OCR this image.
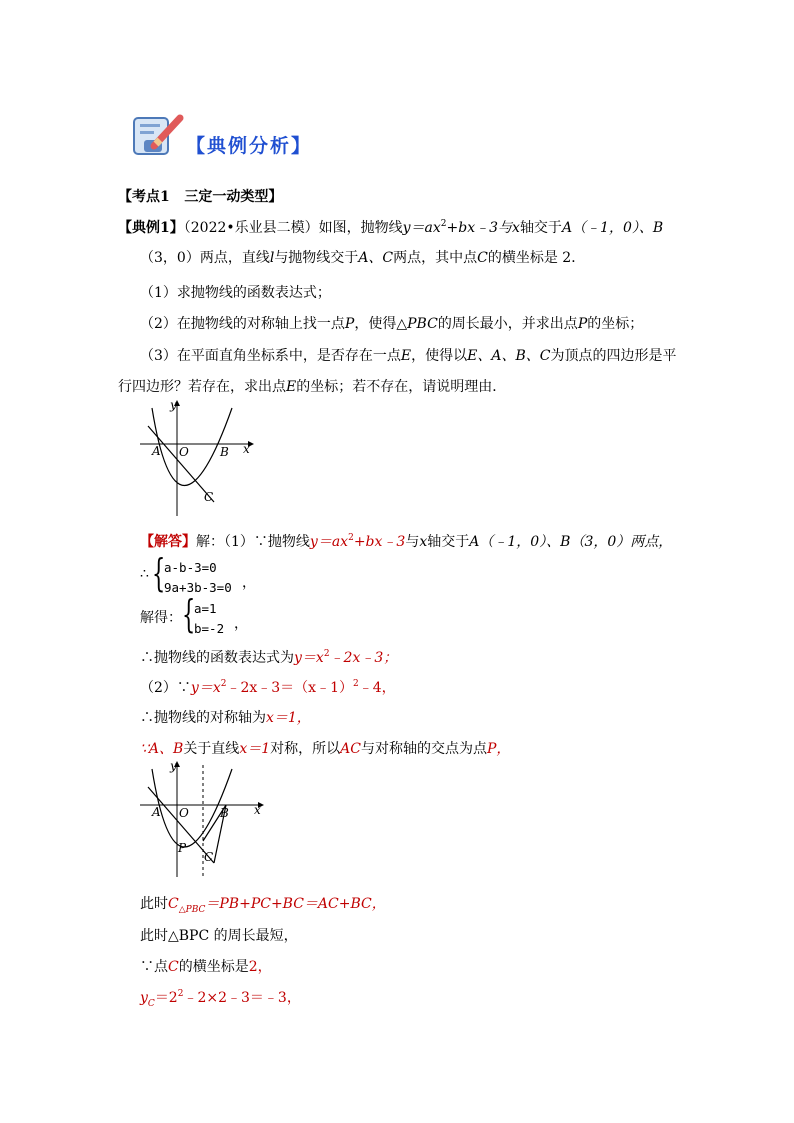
【典例分析】
【考点1 三定一动类型】
【典例1】（2022•乐业县二模）如图，抛物线$y=ax^2+bx﹣3$与x轴交于A（﹣1，0）、B
（3，0）两点，直线l与抛物线交于A、C两点，其中点C的横坐标是 2．
（1）求抛物线的函数表达式；
（2）在抛物线的对称轴上找一点P，使得△PBC的周长最小，并求出点P的坐标；
（3）在平面直角坐标系中，是否存在一点E，使得以E、A、B、C为顶点的四边形是平
行四边形？若存在，求出点E的坐标；若不存在，请说明理由．
y
x
O
A	B
C
【解答】解：（1）∵抛物线$y=ax^2+bx﹣3$与x轴交于A（﹣1，0）、B（3，0）两点，
∴ {
a-b-3=0
9a+3b-3=0 ，
解得： {
a=1
b=-2 ，
∴抛物线的函数表达式为$y=x^2﹣2x﹣3$；
$(2)\because y=x^2﹣2x﹣3=(x﹣1)^2﹣4$，
∴抛物线的对称轴为x＝1，
∵A、B关于直线x＝1对称，所以AC与对称轴的交点为点P，
y
x
O
A	B
C
P
此时$C_{\triangle PBC}=PB+PC+BC=AC+BC$，
此时△BPC 的周长最短，
∵点C的横坐标是2，
$y_C=2^2﹣2\times 2﹣3=﹣3$，
